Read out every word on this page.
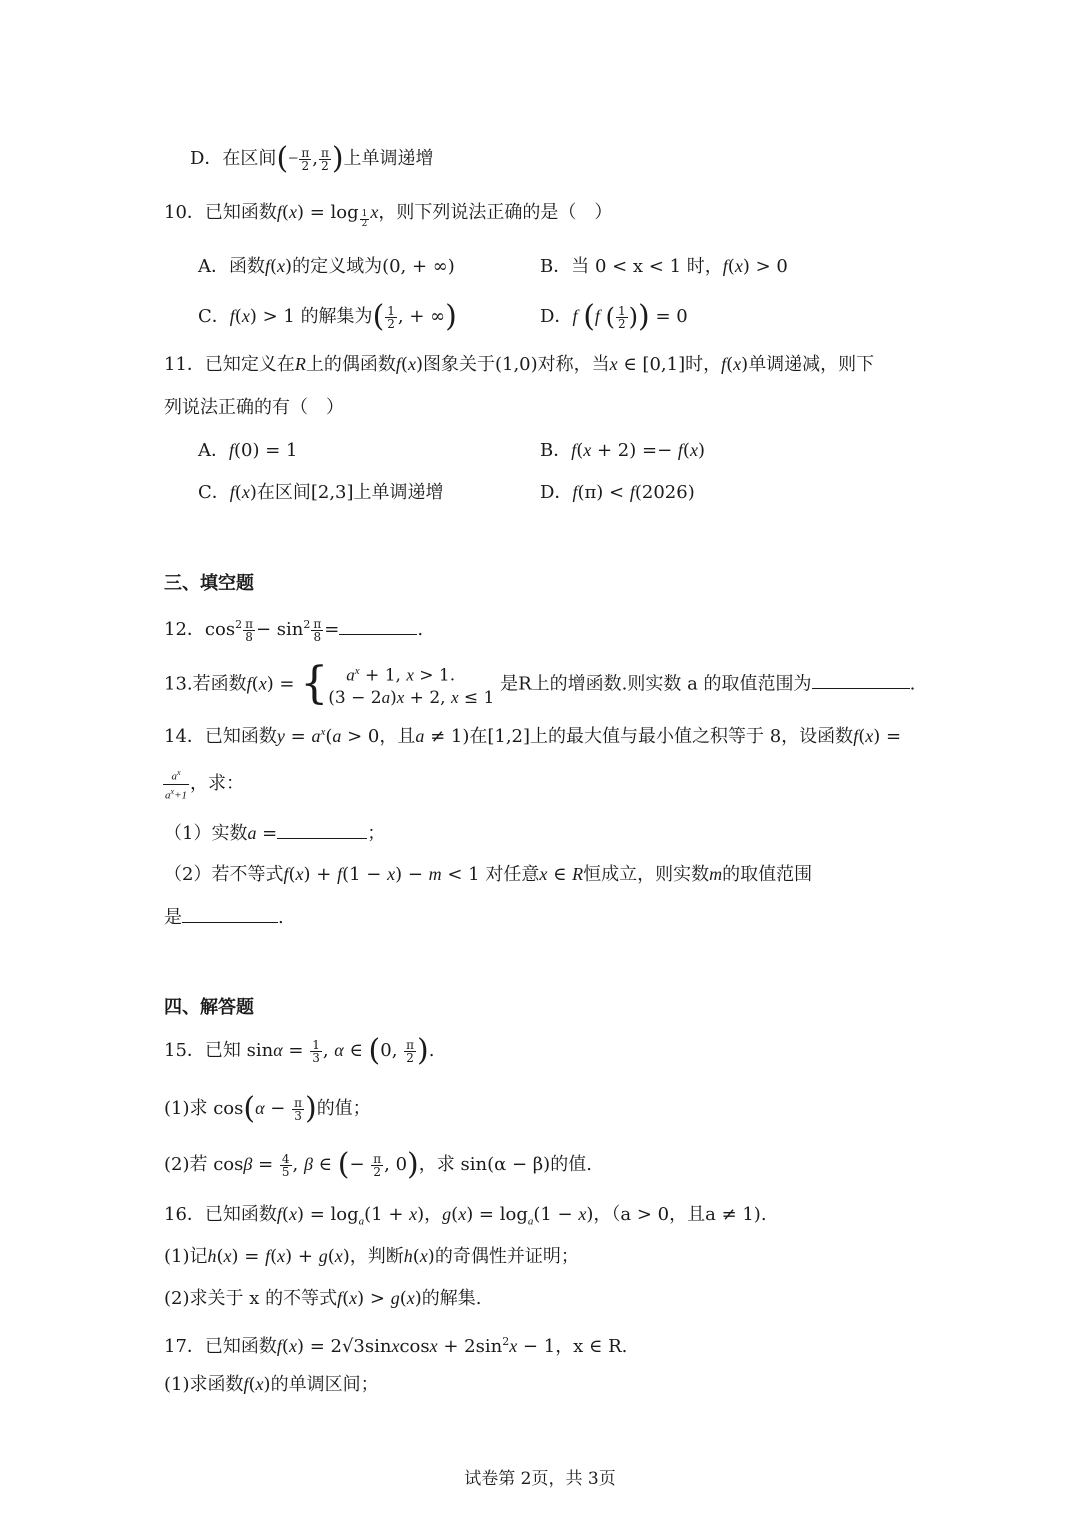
D．在区间(− $\frac{\pi}{2}$ , $\frac{\pi}{2}$ )上单调递增
10．已知函数f(x) = log $_{\frac{1}{2}}$ x，则下列说法正确的是（　）
A．函数f(x)的定义域为(0, + ∞)	B．当 0 < x < 1 时，f(x) > 0
C．f(x) > 1 的解集为( $\frac{1}{2}$ , + ∞)	D．f (f ( $\frac{1}{2}$ )) = 0
11．已知定义在R上的偶函数f(x)图象关于(1,0)对称，当x ∈ [0,1]时，f(x)单调递减，则下
列说法正确的有（　）
A．f(0) = 1	B．f(x + 2) =− f(x)
C．f(x)在区间[2,3]上单调递增	D．f(π) < f(2026)
三、填空题
12．$\cos^2 \frac{\pi}{8} - \sin^2 \frac{\pi}{8}$ =	.
13.若函数f(x) = {	$a^x + 1$, x > 1.
(3 − 2a)x + 2, x ≤ 1
是R上的增函数.则实数 a 的取值范围为	.
14．已知函数$y = a^x(a > 0$，且a ≠ 1)在[1,2]上的最大值与最小值之积等于 8，设函数f(x) =
$\frac{a^x}{a^x+1}$ ，求：
（1）实数a =	；
（2）若不等式f(x) + f(1 − x) − m < 1 对任意x ∈ R恒成立，则实数m的取值范围
是	.
四、解答题
15．已知 $\sin\alpha = \frac{1}{3}$ , α ∈ (0, $\frac{\pi}{2}$ ).
(1)求 $\cos(\alpha - \frac{\pi}{3}$ )的值；
(2)若 $\cos\beta = \frac{4}{5}$ , β ∈ (− $\frac{\pi}{2}$ , 0)，求 sin(α − β)的值.
16．已知函数$f(x) = \log_a(1 + x)$，$g(x) = \log_a(1 - x)$，（a > 0，且a ≠ 1).
(1)记h(x) = f(x) + g(x)，判断h(x)的奇偶性并证明；
(2)求关于 x 的不等式f(x) > g(x)的解集.
17．已知函数f(x) = 2√3sinxcosx + $2\sin^2x - 1$，x ∈ R.
(1)求函数f(x)的单调区间；
试卷第 2页，共 3页
